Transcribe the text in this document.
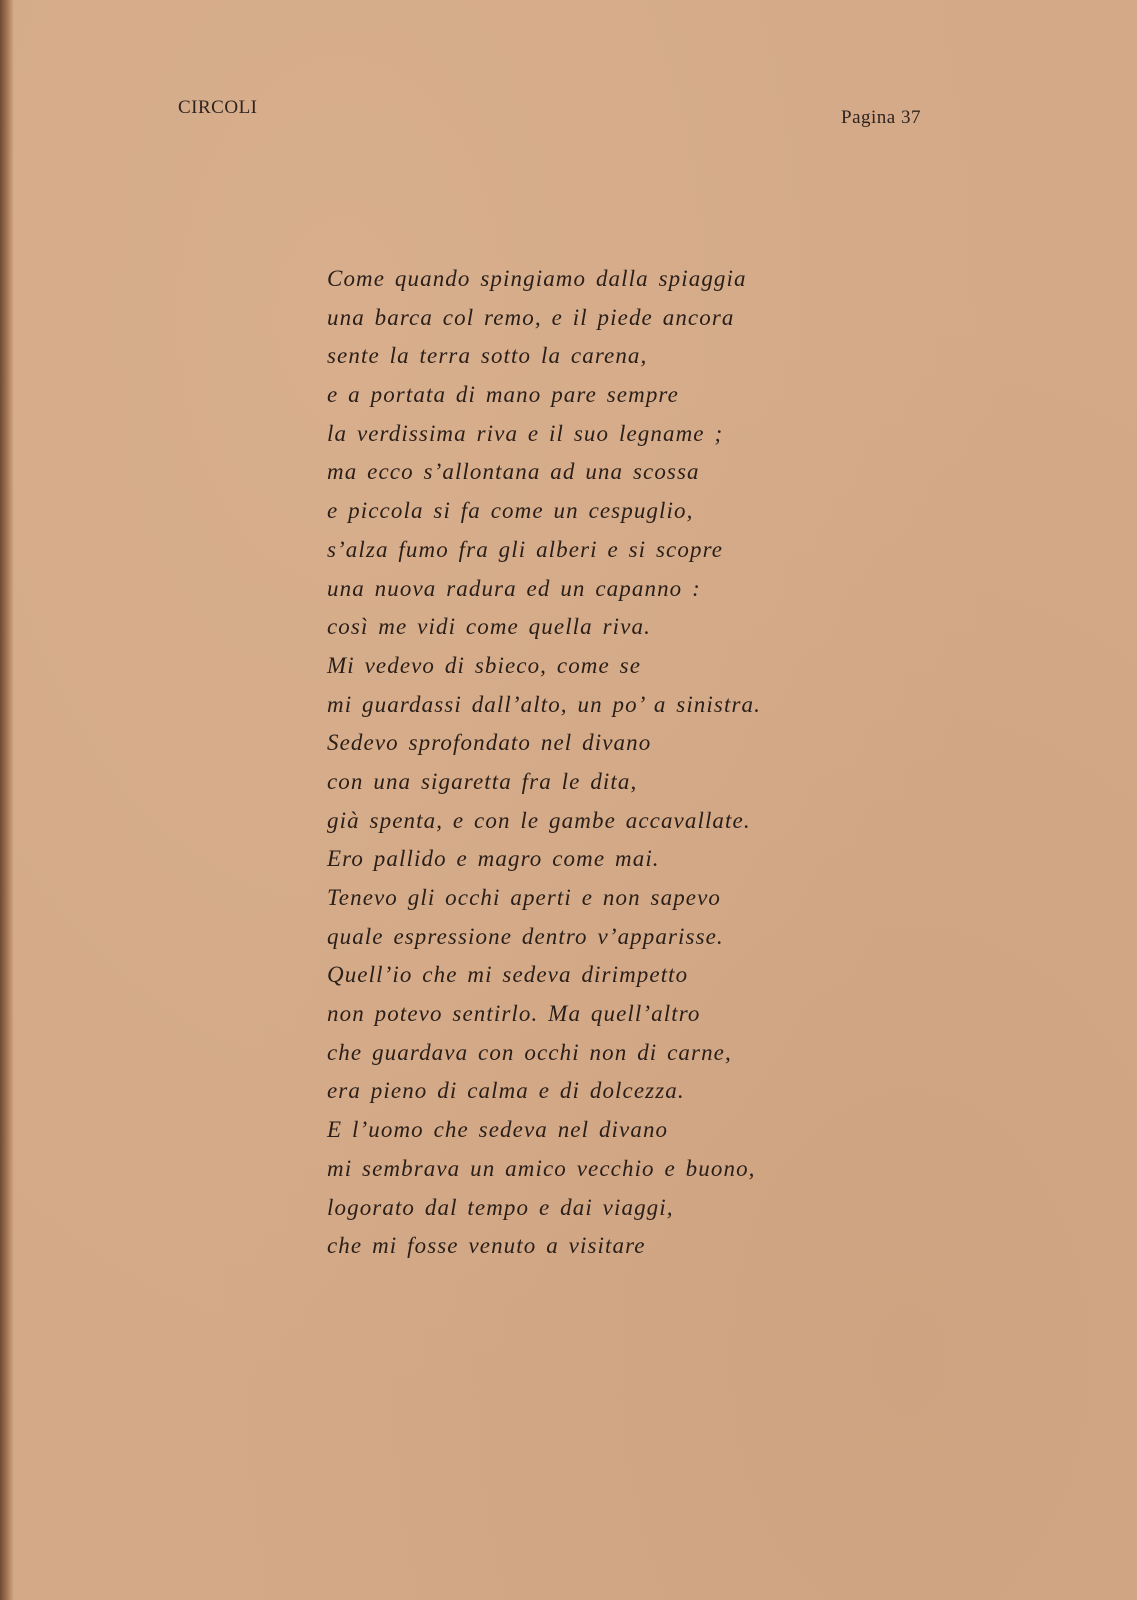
CIRCOLI	Pagina 37
Come quando spingiamo dalla spiaggia
una barca col remo, e il piede ancora
sente la terra sotto la carena,
e a portata di mano pare sempre
la verdissima riva e il suo legname ;
ma ecco s’allontana ad una scossa
e piccola si fa come un cespuglio,
s’alza fumo fra gli alberi e si scopre
una nuova radura ed un capanno :
così me vidi come quella riva.
Mi vedevo di sbieco, come se
mi guardassi dall’alto, un po’ a sinistra.
Sedevo sprofondato nel divano
con una sigaretta fra le dita,
già spenta, e con le gambe accavallate.
Ero pallido e magro come mai.
Tenevo gli occhi aperti e non sapevo
quale espressione dentro v’apparisse.
Quell’io che mi sedeva dirimpetto
non potevo sentirlo. Ma quell’altro
che guardava con occhi non di carne,
era pieno di calma e di dolcezza.
E l’uomo che sedeva nel divano
mi sembrava un amico vecchio e buono,
logorato dal tempo e dai viaggi,
che mi fosse venuto a visitare
